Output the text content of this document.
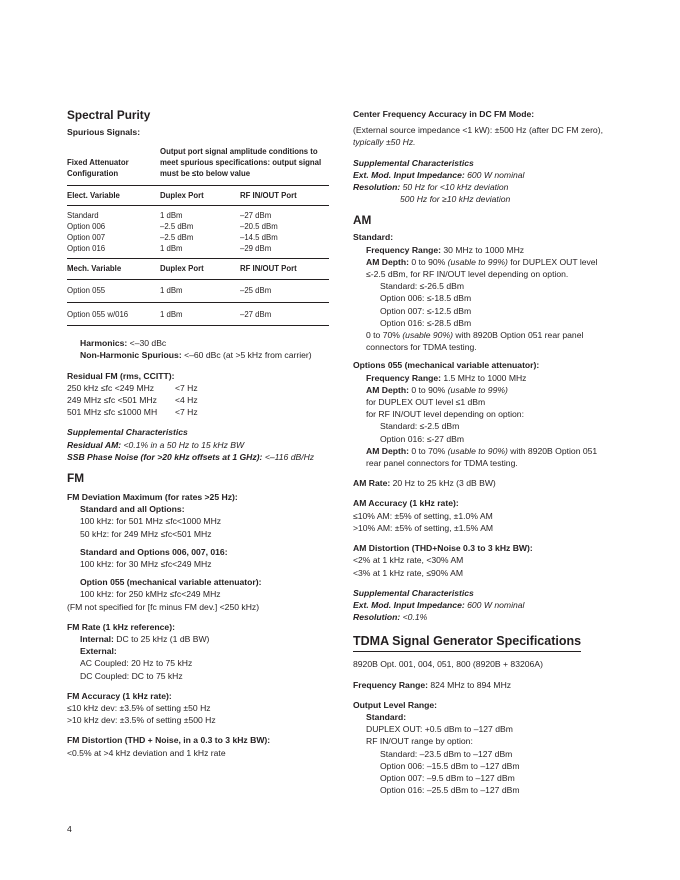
Spectral Purity
Spurious Signals:
Fixed Attenuator Configuration	Output port signal amplitude conditions to meet spurious specifications: output signal must be ≤to below value	

Elect. Variable	Duplex Port	RF IN/OUT Port

Standard	1 dBm	–27 dBm
Option 006	–2.5 dBm	–20.5 dBm
Option 007	–2.5 dBm	–14.5 dBm
Option 016	1 dBm	–29 dBm

Mech. Variable	Duplex Port	RF IN/OUT Port

Option 055	1 dBm	–25 dBm

Option 055 w/016	1 dBm	–27 dBm

Harmonics: <–30 dBc
Non-Harmonic Spurious: <–60 dBc (at >5 kHz from carrier)
Residual FM (rms, CCITT):
250 kHz ≤fc <249 MHz <7 Hz
249 MHz ≤fc <501 MHz <4 Hz
501 MHz ≤fc ≤1000 MH <7 Hz
Supplemental Characteristics
Residual AM: <0.1% in a 50 Hz to 15 kHz BW
SSB Phase Noise (for >20 kHz offsets at 1 GHz): <–116 dB/Hz
FM
FM Deviation Maximum (for rates >25 Hz):
Standard and all Options:
100 kHz: for 501 MHz ≤fc<1000 MHz
50 kHz: for 249 MHz ≤fc<501 MHz
Standard and Options 006, 007, 016:
100 kHz: for 30 MHz ≤fc<249 MHz
Option 055 (mechanical variable attenuator):
100 kHz: for 250 kMHz ≤fc<249 MHz
(FM not specified for [fc minus FM dev.] <250 kHz)
FM Rate (1 kHz reference):
Internal: DC to 25 kHz (1 dB BW)
External:
AC Coupled: 20 Hz to 75 kHz
DC Coupled: DC to 75 kHz
FM Accuracy (1 kHz rate):
≤10 kHz dev: ±3.5% of setting ±50 Hz
>10 kHz dev: ±3.5% of setting ±500 Hz
FM Distortion (THD + Noise, in a 0.3 to 3 kHz BW):
<0.5% at >4 kHz deviation and 1 kHz rate
Center Frequency Accuracy in DC FM Mode:
(External source impedance <1 kW): ±500 Hz (after DC FM zero),
typically ±50 Hz.
Supplemental Characteristics
Ext. Mod. Input Impedance: 600 W nominal
Resolution: 50 Hz for <10 kHz deviation
500 Hz for ≥10 kHz deviation
AM
Standard:
Frequency Range: 30 MHz to 1000 MHz
AM Depth: 0 to 90% (usable to 99%) for DUPLEX OUT level
≤-2.5 dBm, for RF IN/OUT level depending on option.
Standard: ≤-26.5 dBm
Option 006: ≤-18.5 dBm
Option 007: ≤-12.5 dBm
Option 016: ≤-28.5 dBm
0 to 70% (usable 90%) with 8920B Option 051 rear panel
connectors for TDMA testing.
Options 055 (mechanical variable attenuator):
Frequency Range: 1.5 MHz to 1000 MHz
AM Depth: 0 to 90% (usable to 99%)
for DUPLEX OUT level ≤1 dBm
for RF IN/OUT level depending on option:
Standard: ≤-2.5 dBm
Option 016: ≤-27 dBm
AM Depth: 0 to 70% (usable to 90%) with 8920B Option 051
rear panel connectors for TDMA testing.
AM Rate: 20 Hz to 25 kHz (3 dB BW)
AM Accuracy (1 kHz rate):
≤10% AM: ±5% of setting, ±1.0% AM
>10% AM: ±5% of setting, ±1.5% AM
AM Distortion (THD+Noise 0.3 to 3 kHz BW):
<2% at 1 kHz rate, <30% AM
<3% at 1 kHz rate, ≤90% AM
Supplemental Characteristics
Ext. Mod. Input Impedance: 600 W nominal
Resolution: <0.1%
TDMA Signal Generator Specifications
8920B Opt. 001, 004, 051, 800 (8920B + 83206A)
Frequency Range: 824 MHz to 894 MHz
Output Level Range:
Standard:
DUPLEX OUT: +0.5 dBm to –127 dBm
RF IN/OUT range by option:
Standard: –23.5 dBm to –127 dBm
Option 006: –15.5 dBm to –127 dBm
Option 007: –9.5 dBm to –127 dBm
Option 016: –25.5 dBm to –127 dBm
4
